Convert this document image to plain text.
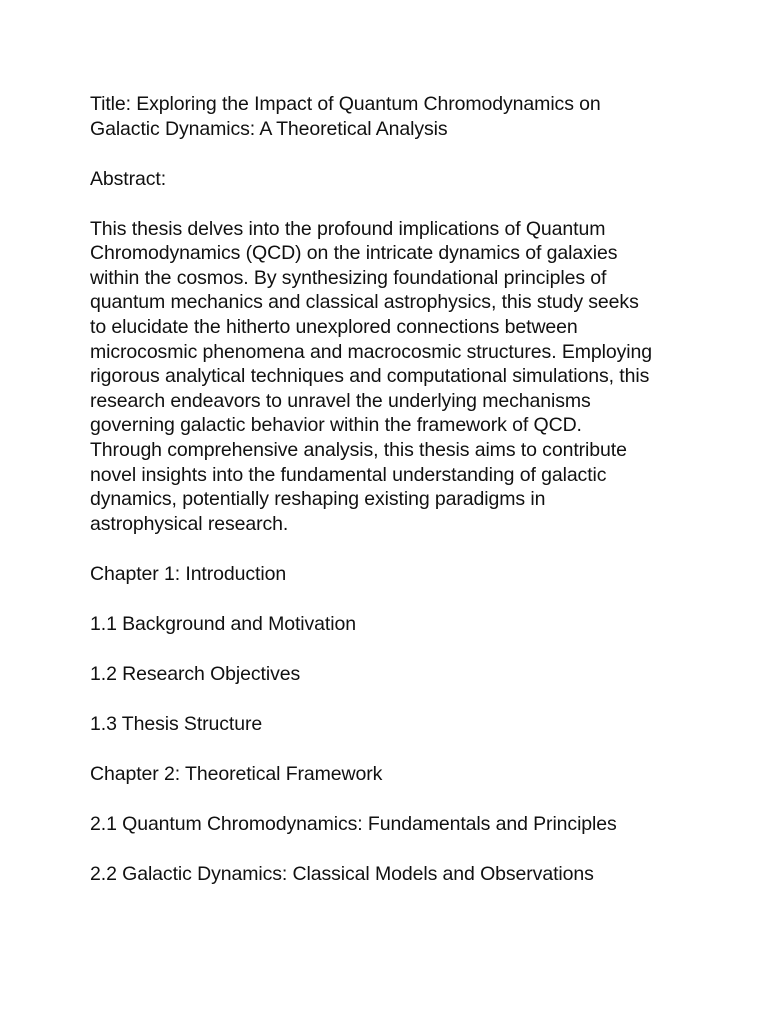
Title: Exploring the Impact of Quantum Chromodynamics on
Galactic Dynamics: A Theoretical Analysis
Abstract:
This thesis delves into the profound implications of Quantum
Chromodynamics (QCD) on the intricate dynamics of galaxies
within the cosmos. By synthesizing foundational principles of
quantum mechanics and classical astrophysics, this study seeks
to elucidate the hitherto unexplored connections between
microcosmic phenomena and macrocosmic structures. Employing
rigorous analytical techniques and computational simulations, this
research endeavors to unravel the underlying mechanisms
governing galactic behavior within the framework of QCD.
Through comprehensive analysis, this thesis aims to contribute
novel insights into the fundamental understanding of galactic
dynamics, potentially reshaping existing paradigms in
astrophysical research.
Chapter 1: Introduction
1.1 Background and Motivation
1.2 Research Objectives
1.3 Thesis Structure
Chapter 2: Theoretical Framework
2.1 Quantum Chromodynamics: Fundamentals and Principles
2.2 Galactic Dynamics: Classical Models and Observations
